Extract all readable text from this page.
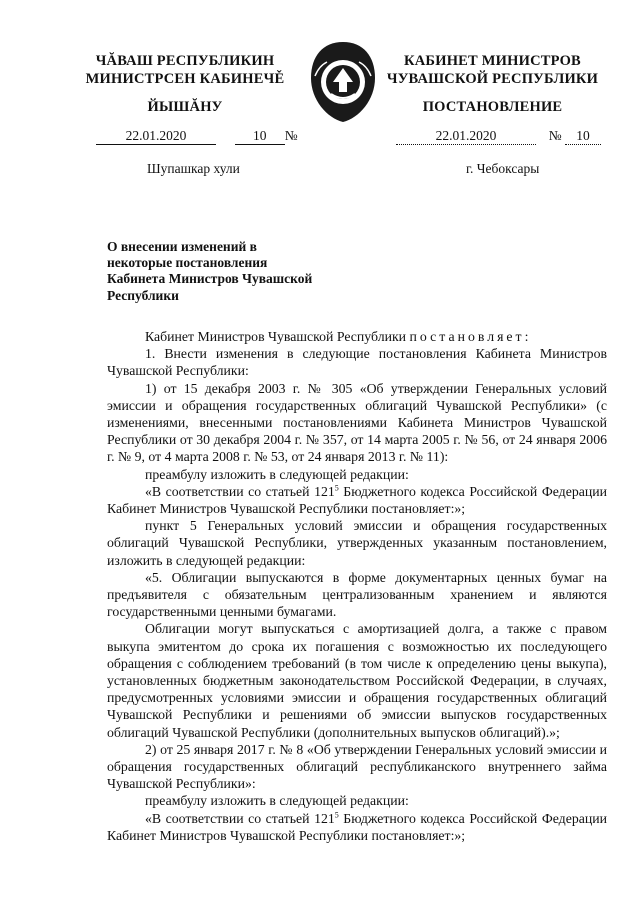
ЧĂВАШ РЕСПУБЛИКИН
МИНИСТРСЕН КАБИНЕЧĚ
ЙЫШĂНУ
КАБИНЕТ МИНИСТРОВ
ЧУВАШСКОЙ РЕСПУБЛИКИ
ПОСТАНОВЛЕНИЕ
22.01.2020	10 №
Шупашкар хули
22.01.2020	№ 10
г. Чебоксары
О внесении изменений в некоторые постановления Кабинета Министров Чувашской Республики

Кабинет Министров Чувашской Республики постановляет:

1. Внести изменения в следующие постановления Кабинета Министров Чувашской Республики:

1) от 15 декабря 2003 г. № 305 «Об утверждении Генеральных условий эмиссии и обращения государственных облигаций Чувашской Республики» (с изменениями, внесенными постановлениями Кабинета Министров Чувашской Республики от 30 декабря 2004 г. № 357, от 14 марта 2005 г. № 56, от 24 января 2006 г. № 9, от 4 марта 2008 г. № 53, от 24 января 2013 г. № 11):

преамбулу изложить в следующей редакции:

«В соответствии со статьей $121^5$ Бюджетного кодекса Российской Федерации Кабинет Министров Чувашской Республики постановляет:»;

пункт 5 Генеральных условий эмиссии и обращения государственных облигаций Чувашской Республики, утвержденных указанным постановлением, изложить в следующей редакции:

«5. Облигации выпускаются в форме документарных ценных бумаг на предъявителя с обязательным централизованным хранением и являются государственными ценными бумагами.

Облигации могут выпускаться с амортизацией долга, а также с правом выкупа эмитентом до срока их погашения с возможностью их последующего обращения с соблюдением требований (в том числе к определению цены выкупа), установленных бюджетным законодательством Российской Федерации, в случаях, предусмотренных условиями эмиссии и обращения государственных облигаций Чувашской Республики и решениями об эмиссии выпусков государственных облигаций Чувашской Республики (дополнительных выпусков облигаций).»;

2) от 25 января 2017 г. № 8 «Об утверждении Генеральных условий эмиссии и обращения государственных облигаций республиканского внутреннего займа Чувашской Республики»:

преамбулу изложить в следующей редакции:

«В соответствии со статьей $121^5$ Бюджетного кодекса Российской Федерации Кабинет Министров Чувашской Республики постановляет:»;
